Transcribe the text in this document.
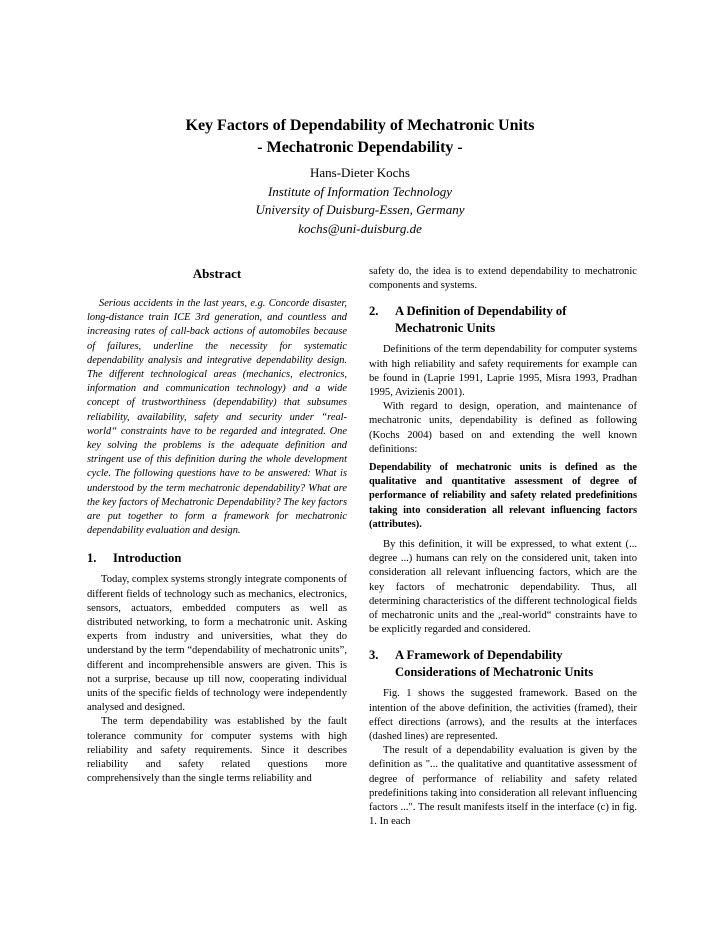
Key Factors of Dependability of Mechatronic Units
- Mechatronic Dependability -
Hans-Dieter Kochs
Institute of Information Technology
University of Duisburg-Essen, Germany
kochs@uni-duisburg.de
Abstract

Serious accidents in the last years, e.g. Concorde disaster, long-distance train ICE 3rd generation, and countless and increasing rates of call-back actions of automobiles because of failures, underline the necessity for systematic dependability analysis and integrative dependability design. The different technological areas (mechanics, electronics, information and communication technology) and a wide concept of trustworthiness (dependability) that subsumes reliability, availability, safety and security under “real-world“ constraints have to be regarded and integrated. One key solving the problems is the adequate definition and stringent use of this definition during the whole development cycle. The following questions have to be answered: What is understood by the term mechatronic dependability? What are the key factors of Mechatronic Dependability? The key factors are put together to form a framework for mechatronic dependability evaluation and design.

1.	Introduction

Today, complex systems strongly integrate components of different fields of technology such as mechanics, electronics, sensors, actuators, embedded computers as well as distributed networking, to form a mechatronic unit. Asking experts from industry and universities, what they do understand by the term “dependability of mechatronic units”, different and incomprehensible answers are given. This is not a surprise, because up till now, cooperating individual units of the specific fields of technology were independently analysed and designed.

The term dependability was established by the fault tolerance community for computer systems with high reliability and safety requirements. Since it describes reliability and safety related questions more comprehensively than the single terms reliability and

safety do, the idea is to extend dependability to mechatronic components and systems.

2.	A Definition of Dependability of Mechatronic Units

Definitions of the term dependability for computer systems with high reliability and safety requirements for example can be found in (Laprie 1991, Laprie 1995, Misra 1993, Pradhan 1995, Avizienis 2001).

With regard to design, operation, and maintenance of mechatronic units, dependability is defined as following (Kochs 2004) based on and extending the well known definitions:

Dependability of mechatronic units is defined as the qualitative and quantitative assessment of degree of performance of reliability and safety related predefinitions taking into consideration all relevant influencing factors (attributes).

By this definition, it will be expressed, to what extent (... degree ...) humans can rely on the considered unit, taken into consideration all relevant influencing factors, which are the key factors of mechatronic dependability. Thus, all determining characteristics of the different technological fields of mechatronic units and the „real-world“ constraints have to be explicitly regarded and considered.

3.	A Framework of Dependability Considerations of Mechatronic Units

Fig. 1 shows the suggested framework. Based on the intention of the above definition, the activities (framed), their effect directions (arrows), and the results at the interfaces (dashed lines) are represented.

The result of a dependability evaluation is given by the definition as "... the qualitative and quantitative assessment of degree of performance of reliability and safety related predefinitions taking into consideration all relevant influencing factors ...". The result manifests itself in the interface (c) in fig. 1. In each
